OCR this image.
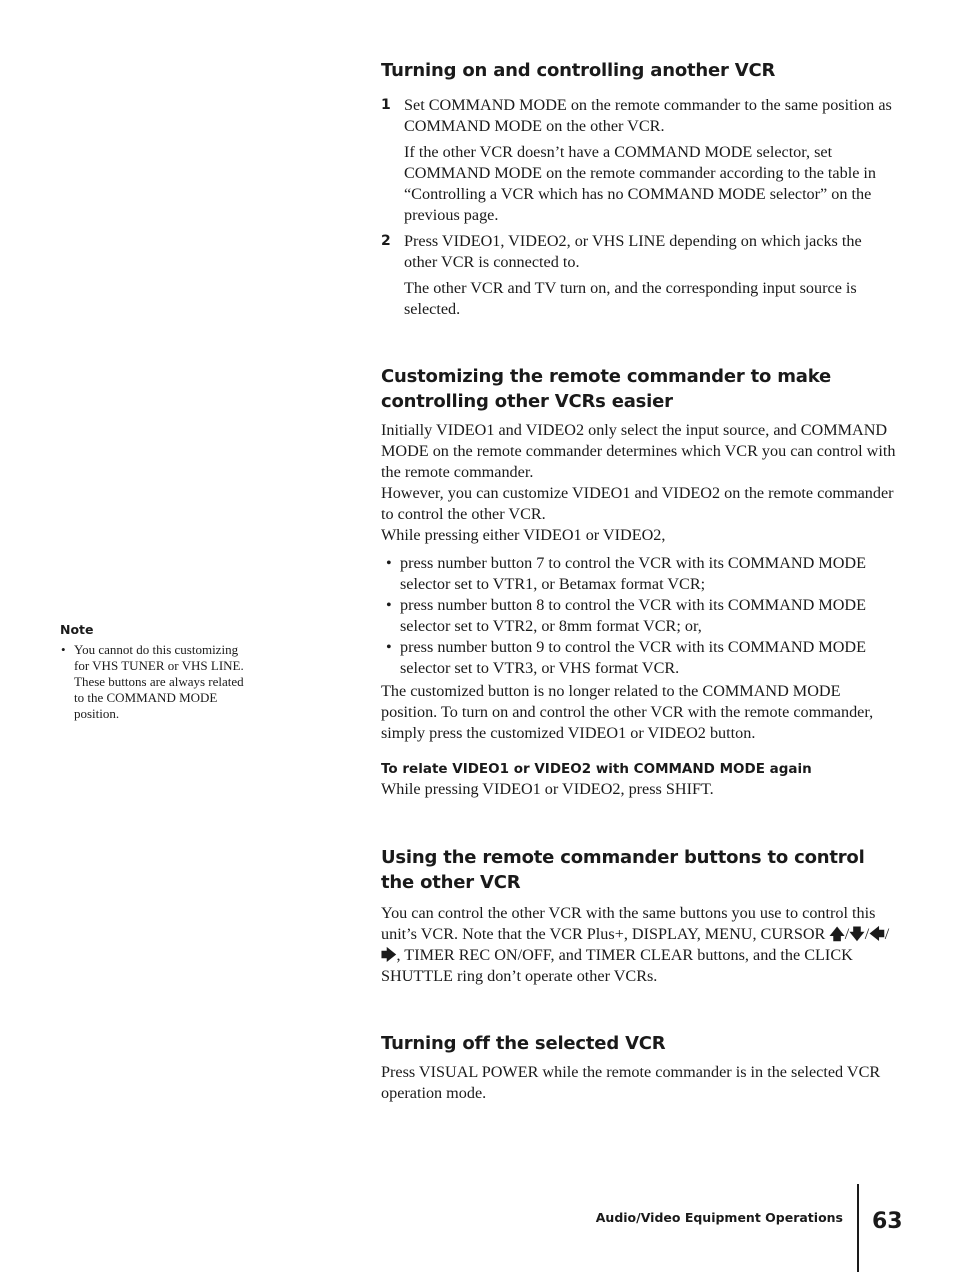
Turning on and controlling another VCR
1 Set COMMAND MODE on the remote commander to the same position as COMMAND MODE on the other VCR.

If the other VCR doesn’t have a COMMAND MODE selector, set COMMAND MODE on the remote commander according to the table in “Controlling a VCR which has no COMMAND MODE selector” on the previous page.

2 Press VIDEO1, VIDEO2, or VHS LINE depending on which jacks the other VCR is connected to.

The other VCR and TV turn on, and the corresponding input source is selected.

Customizing the remote commander to make controlling other VCRs easier

Initially VIDEO1 and VIDEO2 only select the input source, and COMMAND MODE on the remote commander determines which VCR you can control with the remote commander.

However, you can customize VIDEO1 and VIDEO2 on the remote commander to control the other VCR.

While pressing either VIDEO1 or VIDEO2,

• press number button 7 to control the VCR with its COMMAND MODE selector set to VTR1, or Betamax format VCR;
• press number button 8 to control the VCR with its COMMAND MODE selector set to VTR2, or 8mm format VCR; or,
• press number button 9 to control the VCR with its COMMAND MODE selector set to VTR3, or VHS format VCR.

The customized button is no longer related to the COMMAND MODE position. To turn on and control the other VCR with the remote commander, simply press the customized VIDEO1 or VIDEO2 button.

To relate VIDEO1 or VIDEO2 with COMMAND MODE again

While pressing VIDEO1 or VIDEO2, press SHIFT.

Using the remote commander buttons to control the other VCR

You can control the other VCR with the same buttons you use to control this unit’s VCR. Note that the VCR Plus+, DISPLAY, MENU, CURSOR 🡅/🡇/🡄/🡆, TIMER REC ON/OFF, and TIMER CLEAR buttons, and the CLICK SHUTTLE ring don’t operate other VCRs.

Turning off the selected VCR

Press VISUAL POWER while the remote commander is in the selected VCR operation mode.

Note
• You cannot do this customizing for VHS TUNER or VHS LINE. These buttons are always related to the COMMAND MODE position.
Audio/Video Equipment Operations 63
